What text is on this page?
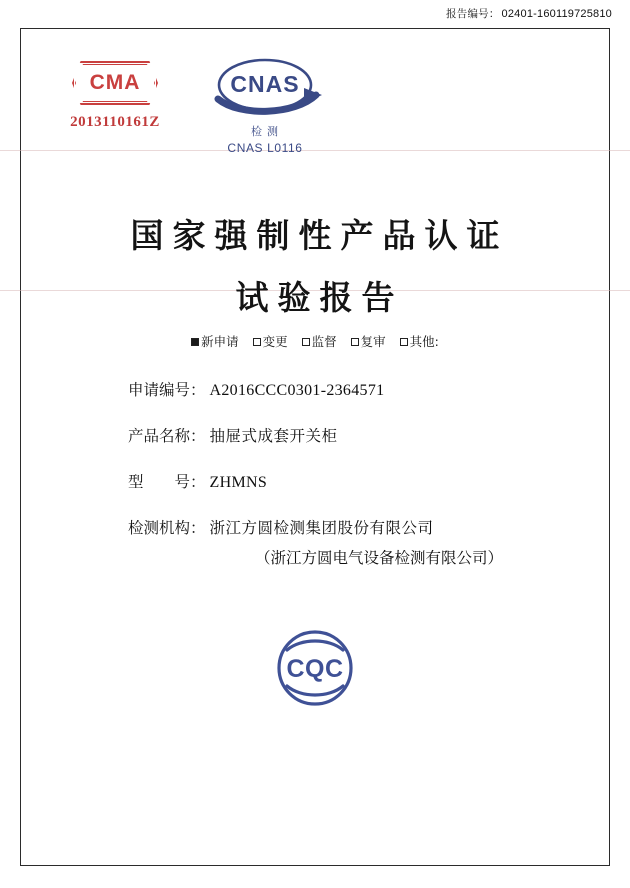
报告编号： 02401-160119725810
CMA
2013110161Z
CNAS
检 测
CNAS L0116
国家强制性产品认证
试验报告
新申请 变更 监督 复审 其他:
申请编号 ： A2016CCC0301-2364571
产品名称 ： 抽屉式成套开关柜
型　　号 ： ZHMNS
检测机构 ： 浙江方圆检测集团股份有限公司
（浙江方圆电气设备检测有限公司）
CQC
